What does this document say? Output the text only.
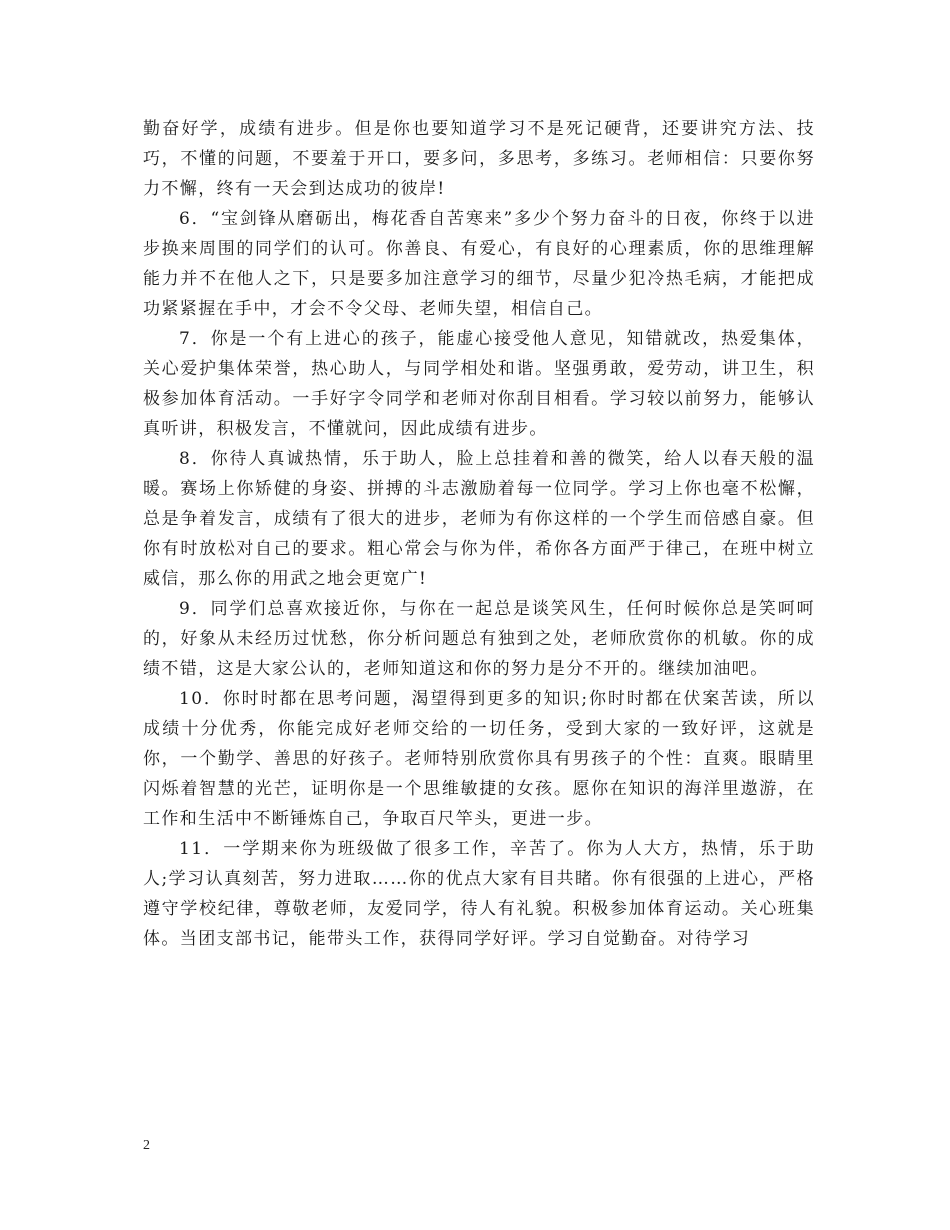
勤奋好学，成绩有进步。但是你也要知道学习不是死记硬背，还要讲究方法、技巧，不懂的问题，不要羞于开口，要多问，多思考，多练习。老师相信：只要你努力不懈，终有一天会到达成功的彼岸!

6．“宝剑锋从磨砺出，梅花香自苦寒来”多少个努力奋斗的日夜，你终于以进步换来周围的同学们的认可。你善良、有爱心，有良好的心理素质，你的思维理解能力并不在他人之下，只是要多加注意学习的细节，尽量少犯冷热毛病，才能把成功紧紧握在手中，才会不令父母、老师失望，相信自己。

7．你是一个有上进心的孩子，能虚心接受他人意见，知错就改，热爱集体，关心爱护集体荣誉，热心助人，与同学相处和谐。坚强勇敢，爱劳动，讲卫生，积极参加体育活动。一手好字令同学和老师对你刮目相看。学习较以前努力，能够认真听讲，积极发言，不懂就问，因此成绩有进步。

8．你待人真诚热情，乐于助人，脸上总挂着和善的微笑，给人以春天般的温暖。赛场上你矫健的身姿、拼搏的斗志激励着每一位同学。学习上你也毫不松懈，总是争着发言，成绩有了很大的进步，老师为有你这样的一个学生而倍感自豪。但你有时放松对自己的要求。粗心常会与你为伴，希你各方面严于律己，在班中树立威信，那么你的用武之地会更宽广!

9．同学们总喜欢接近你，与你在一起总是谈笑风生，任何时候你总是笑呵呵的，好象从未经历过忧愁，你分析问题总有独到之处，老师欣赏你的机敏。你的成绩不错，这是大家公认的，老师知道这和你的努力是分不开的。继续加油吧。

10．你时时都在思考问题，渴望得到更多的知识;你时时都在伏案苦读，所以成绩十分优秀，你能完成好老师交给的一切任务，受到大家的一致好评，这就是你，一个勤学、善思的好孩子。老师特别欣赏你具有男孩子的个性：直爽。眼睛里闪烁着智慧的光芒，证明你是一个思维敏捷的女孩。愿你在知识的海洋里遨游，在工作和生活中不断锤炼自己，争取百尺竿头，更进一步。

11．一学期来你为班级做了很多工作，辛苦了。你为人大方，热情，乐于助人;学习认真刻苦，努力进取……你的优点大家有目共睹。你有很强的上进心，严格遵守学校纪律，尊敬老师，友爱同学，待人有礼貌。积极参加体育运动。关心班集体。当团支部书记，能带头工作，获得同学好评。学习自觉勤奋。对待学习

2
